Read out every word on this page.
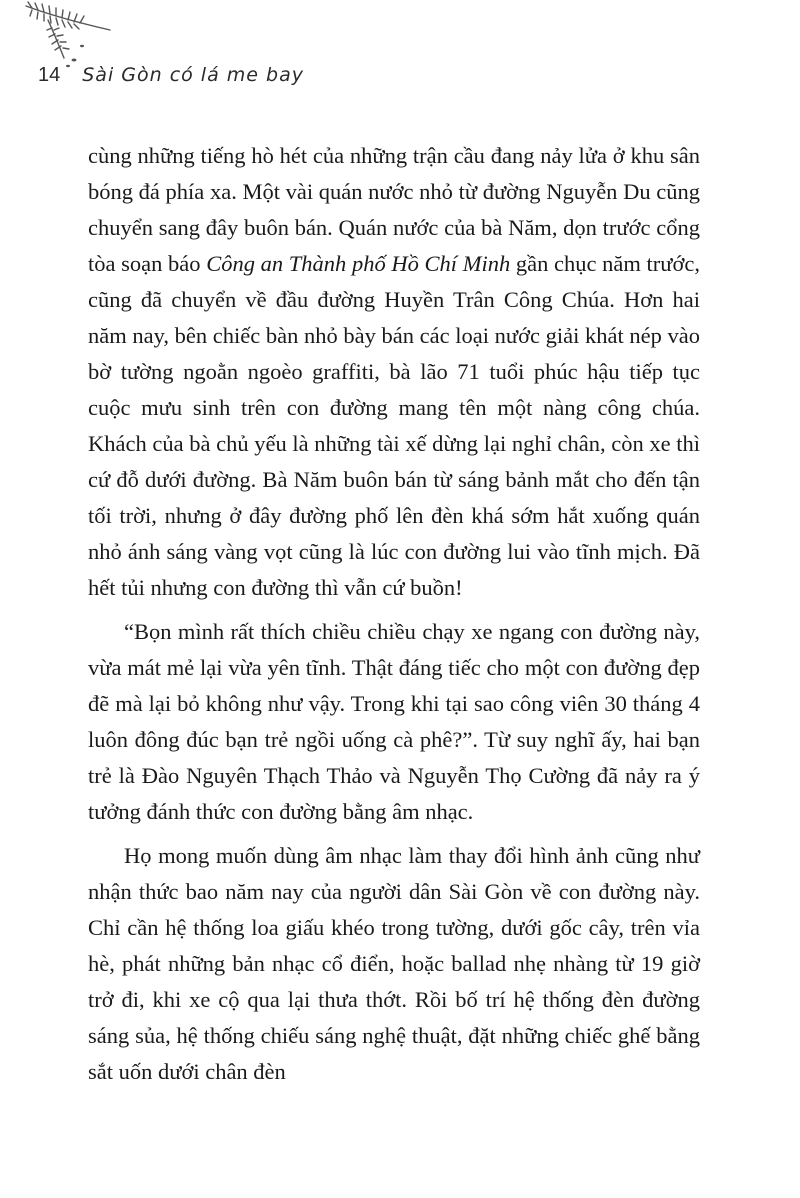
14 Sài Gòn có lá me bay

cùng những tiếng hò hét của những trận cầu đang nảy lửa ở khu sân bóng đá phía xa. Một vài quán nước nhỏ từ đường Nguyễn Du cũng chuyển sang đây buôn bán. Quán nước của bà Năm, dọn trước cổng tòa soạn báo Công an Thành phố Hồ Chí Minh gần chục năm trước, cũng đã chuyển về đầu đường Huyền Trân Công Chúa. Hơn hai năm nay, bên chiếc bàn nhỏ bày bán các loại nước giải khát nép vào bờ tường ngoằn ngoèo graffiti, bà lão 71 tuổi phúc hậu tiếp tục cuộc mưu sinh trên con đường mang tên một nàng công chúa. Khách của bà chủ yếu là những tài xế dừng lại nghỉ chân, còn xe thì cứ đỗ dưới đường. Bà Năm buôn bán từ sáng bảnh mắt cho đến tận tối trời, nhưng ở đây đường phố lên đèn khá sớm hắt xuống quán nhỏ ánh sáng vàng vọt cũng là lúc con đường lui vào tĩnh mịch. Đã hết tủi nhưng con đường thì vẫn cứ buồn!

“Bọn mình rất thích chiều chiều chạy xe ngang con đường này, vừa mát mẻ lại vừa yên tĩnh. Thật đáng tiếc cho một con đường đẹp đẽ mà lại bỏ không như vậy. Trong khi tại sao công viên 30 tháng 4 luôn đông đúc bạn trẻ ngồi uống cà phê?”. Từ suy nghĩ ấy, hai bạn trẻ là Đào Nguyên Thạch Thảo và Nguyễn Thọ Cường đã nảy ra ý tưởng đánh thức con đường bằng âm nhạc.

Họ mong muốn dùng âm nhạc làm thay đổi hình ảnh cũng như nhận thức bao năm nay của người dân Sài Gòn về con đường này. Chỉ cần hệ thống loa giấu khéo trong tường, dưới gốc cây, trên vỉa hè, phát những bản nhạc cổ điển, hoặc ballad nhẹ nhàng từ 19 giờ trở đi, khi xe cộ qua lại thưa thớt. Rồi bố trí hệ thống đèn đường sáng sủa, hệ thống chiếu sáng nghệ thuật, đặt những chiếc ghế bằng sắt uốn dưới chân đèn
